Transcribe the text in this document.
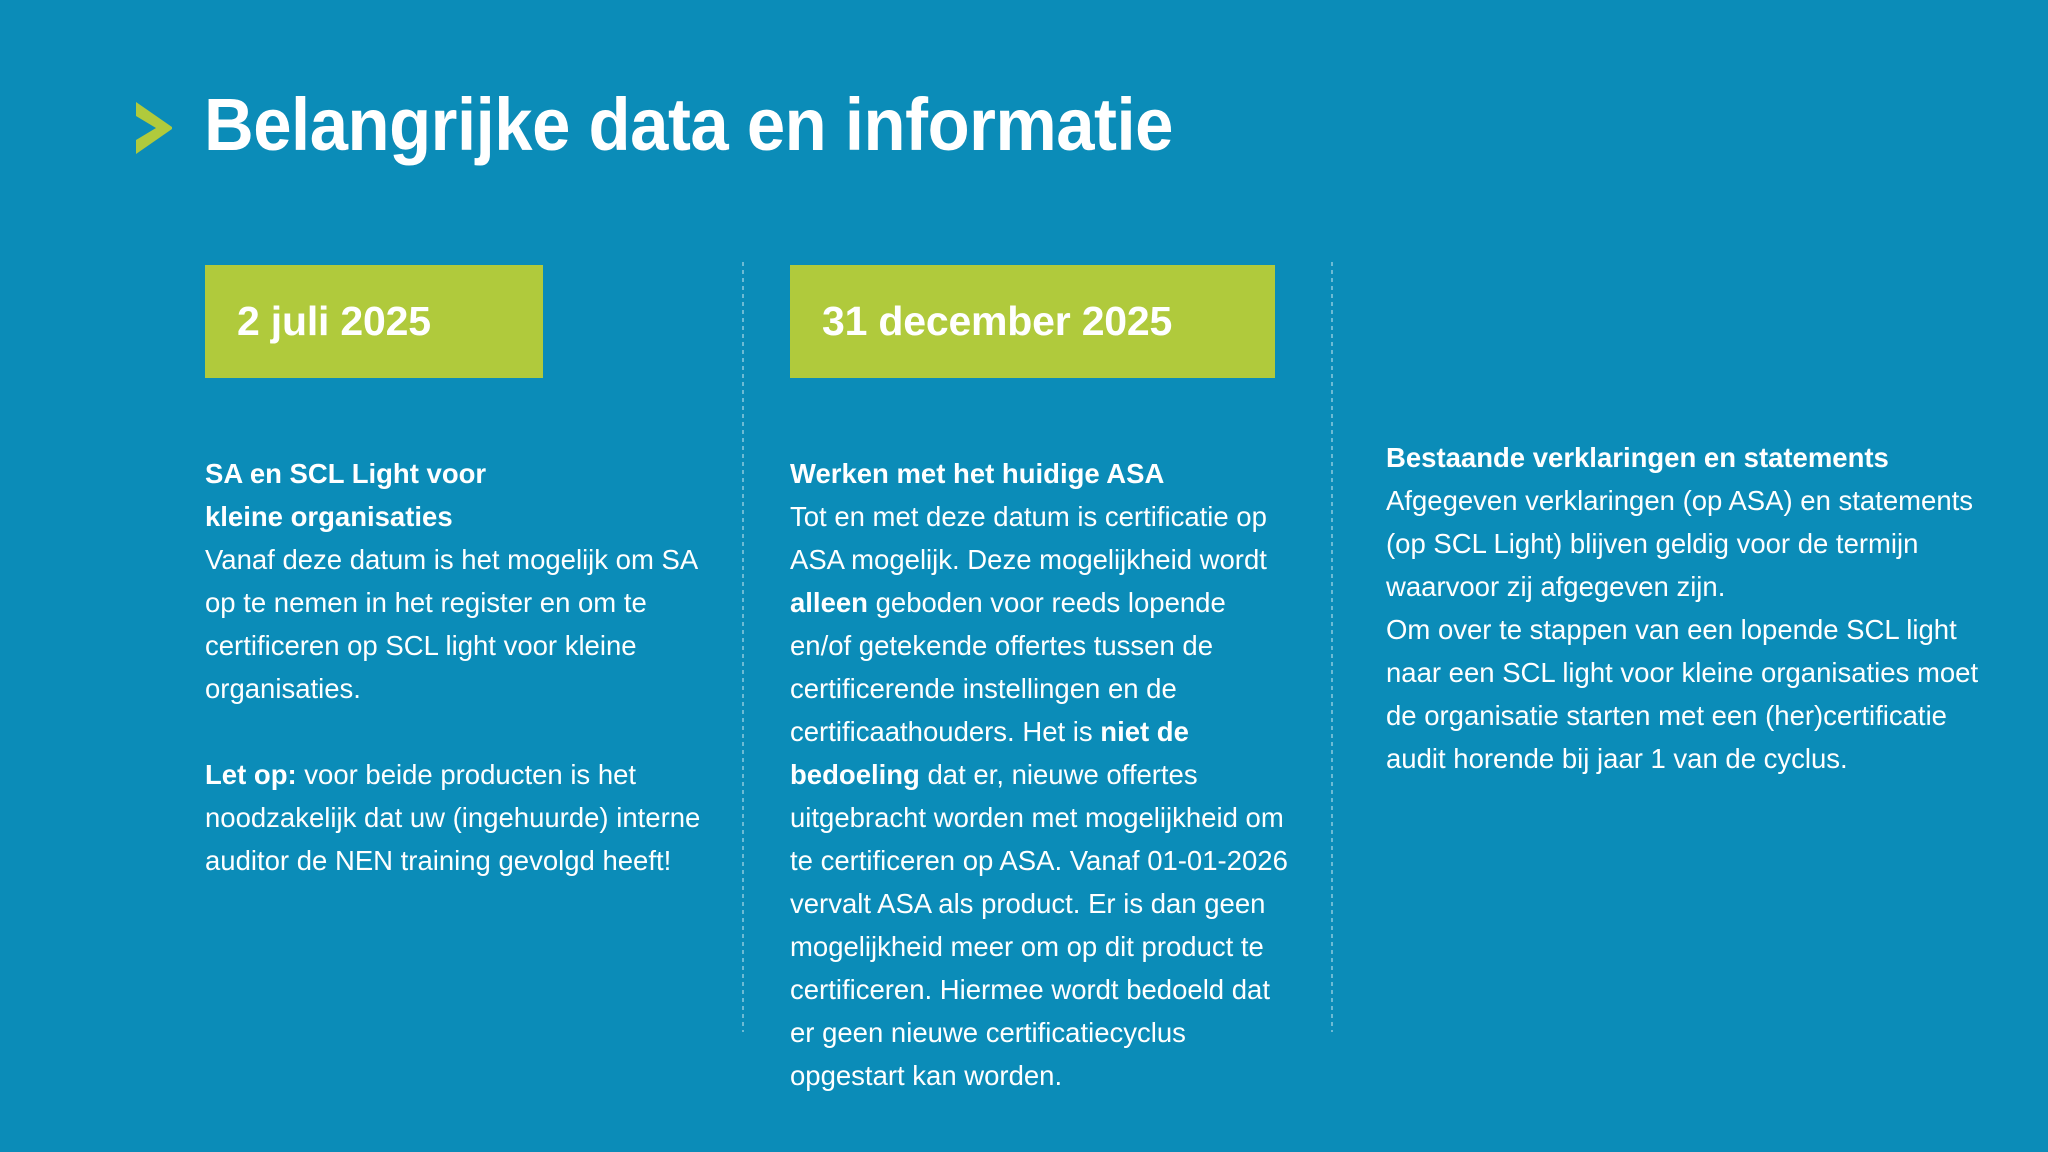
Belangrijke data en informatie
2 juli 2025
SA en SCL Light voor
kleine organisaties
Vanaf deze datum is het mogelijk om SA op te nemen in het register en om te certificeren op SCL light voor kleine organisaties.
Let op: voor beide producten is het noodzakelijk dat uw (ingehuurde) interne auditor de NEN training gevolgd heeft!
31 december 2025
Werken met het huidige ASA
Tot en met deze datum is certificatie op ASA mogelijk. Deze mogelijkheid wordt alleen geboden voor reeds lopende en/of getekende offertes tussen de certificerende instellingen en de certificaathouders. Het is niet de bedoeling dat er, nieuwe offertes uitgebracht worden met mogelijkheid om te certificeren op ASA. Vanaf 01-01-2026 vervalt ASA als product. Er is dan geen mogelijkheid meer om op dit product te certificeren. Hiermee wordt bedoeld dat er geen nieuwe certificatiecyclus opgestart kan worden.
Bestaande verklaringen en statements
Afgegeven verklaringen (op ASA) en statements (op SCL Light) blijven geldig voor de termijn waarvoor zij afgegeven zijn.
Om over te stappen van een lopende SCL light naar een SCL light voor kleine organisaties moet de organisatie starten met een (her)certificatie audit horende bij jaar 1 van de cyclus.
